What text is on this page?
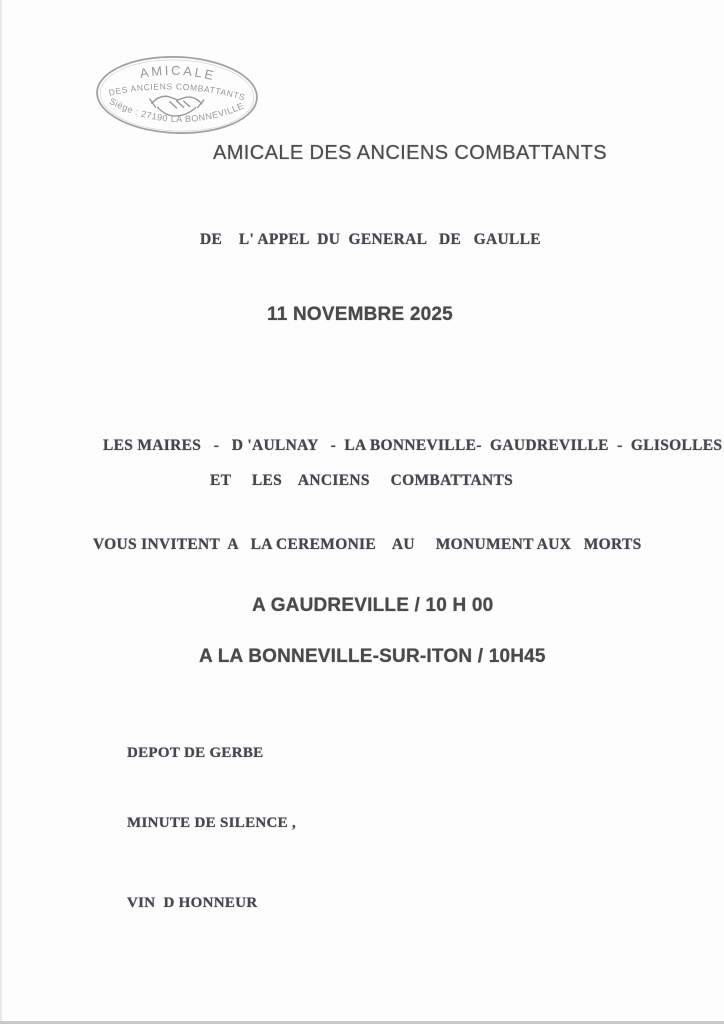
AMICALE
DES ANCIENS COMBATTANTS
Siège : 27190 LA BONNEVILLE
AMICALE DES ANCIENS COMBATTANTS
DE    L' APPEL  DU  GENERAL   DE   GAULLE
11 NOVEMBRE 2025
LES MAIRES   -   D 'AULNAY   -  LA BONNEVILLE-  GAUDREVILLE  -  GLISOLLES
ET     LES    ANCIENS     COMBATTANTS
VOUS INVITENT  A   LA CEREMONIE    AU     MONUMENT AUX   MORTS
A GAUDREVILLE / 10 H 00
A LA BONNEVILLE-SUR-ITON / 10H45
DEPOT DE GERBE
MINUTE DE SILENCE ,
VIN  D HONNEUR
